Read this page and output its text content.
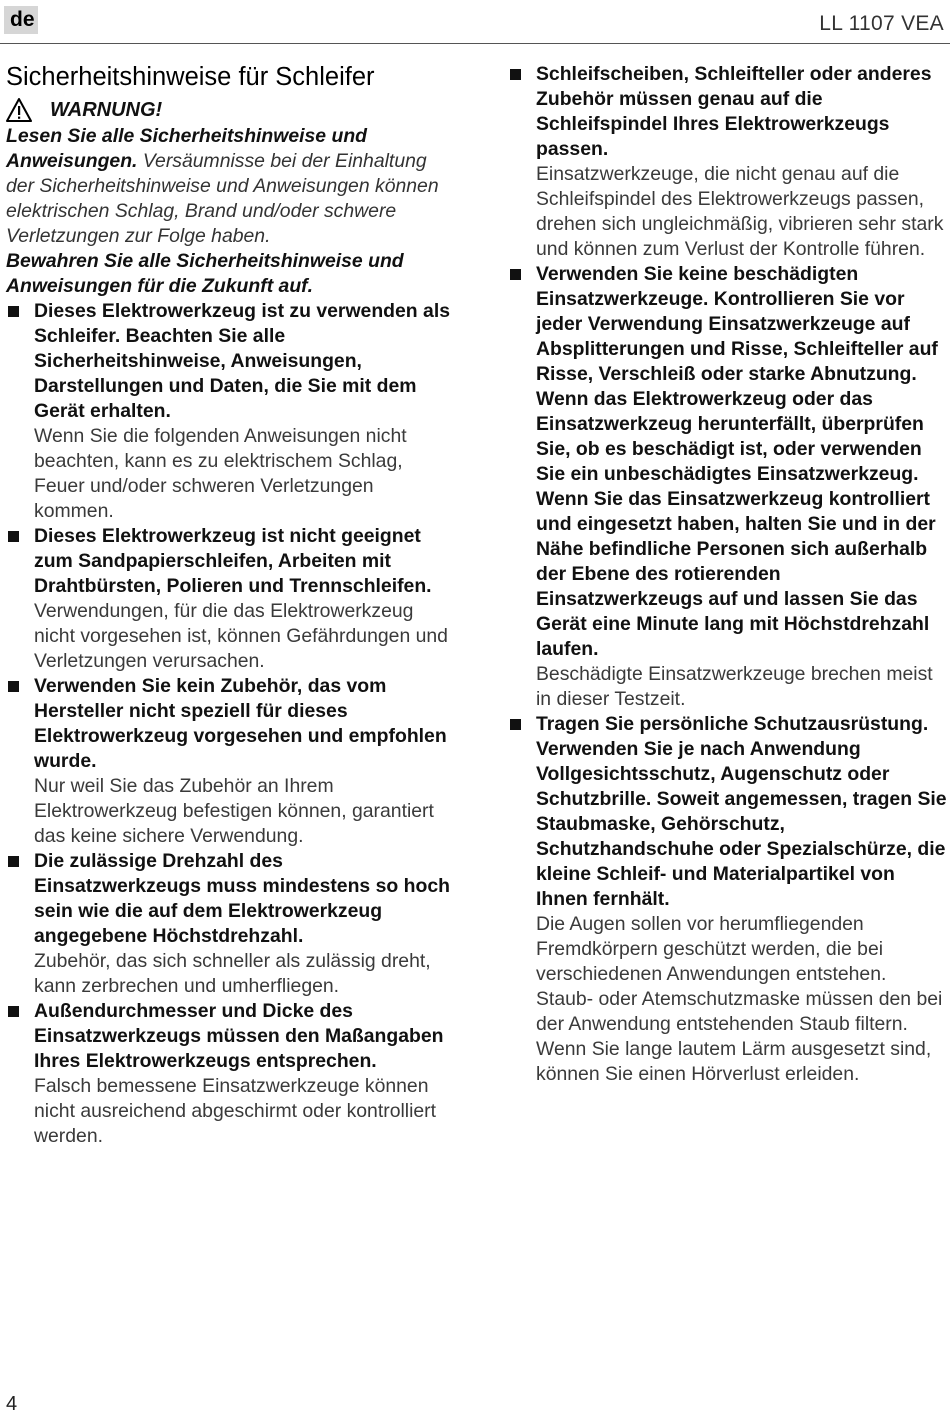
de	LL 1107 VEA
Sicherheitshinweise für Schleifer
WARNUNG!

Lesen Sie alle Sicherheitshinweise und Anweisungen. Versäumnisse bei der Einhaltung der Sicherheitshinweise und Anweisungen können elektrischen Schlag, Brand und/oder schwere Verletzungen zur Folge haben.

Bewahren Sie alle Sicherheitshinweise und Anweisungen für die Zukunft auf.

Dieses Elektrowerkzeug ist zu verwenden als Schleifer. Beachten Sie alle Sicherheitshinweise, Anweisungen, Darstellungen und Daten, die Sie mit dem Gerät erhalten.
Wenn Sie die folgenden Anweisungen nicht beachten, kann es zu elektrischem Schlag, Feuer und/oder schweren Verletzungen kommen.
Dieses Elektrowerkzeug ist nicht geeignet zum Sandpapierschleifen, Arbeiten mit Drahtbürsten, Polieren und Trennschleifen.
Verwendungen, für die das Elektrowerkzeug nicht vorgesehen ist, können Gefährdungen und Verletzungen verursachen.
Verwenden Sie kein Zubehör, das vom Hersteller nicht speziell für dieses Elektrowerkzeug vorgesehen und empfohlen wurde.
Nur weil Sie das Zubehör an Ihrem Elektrowerkzeug befestigen können, garantiert das keine sichere Verwendung.
Die zulässige Drehzahl des Einsatzwerkzeugs muss mindestens so hoch sein wie die auf dem Elektrowerkzeug angegebene Höchstdrehzahl.
Zubehör, das sich schneller als zulässig dreht, kann zerbrechen und umherfliegen.
Außendurchmesser und Dicke des Einsatzwerkzeugs müssen den Maßangaben Ihres Elektrowerkzeugs entsprechen.
Falsch bemessene Einsatzwerkzeuge können nicht ausreichend abgeschirmt oder kontrolliert werden.
Schleifscheiben, Schleifteller oder anderes Zubehör müssen genau auf die Schleifspindel Ihres Elektrowerkzeugs passen.
Einsatzwerkzeuge, die nicht genau auf die Schleifspindel des Elektrowerkzeugs passen, drehen sich ungleichmäßig, vibrieren sehr stark und können zum Verlust der Kontrolle führen.
Verwenden Sie keine beschädigten Einsatzwerkzeuge. Kontrollieren Sie vor jeder Verwendung Einsatzwerkzeuge auf Absplitterungen und Risse, Schleifteller auf Risse, Verschleiß oder starke Abnutzung. Wenn das Elektrowerkzeug oder das Einsatzwerkzeug herunterfällt, überprüfen Sie, ob es beschädigt ist, oder verwenden Sie ein unbeschädigtes Einsatzwerkzeug. Wenn Sie das Einsatzwerkzeug kontrolliert und eingesetzt haben, halten Sie und in der Nähe befindliche Personen sich außerhalb der Ebene des rotierenden Einsatzwerkzeugs auf und lassen Sie das Gerät eine Minute lang mit Höchstdrehzahl laufen.
Beschädigte Einsatzwerkzeuge brechen meist in dieser Testzeit.
Tragen Sie persönliche Schutzausrüstung. Verwenden Sie je nach Anwendung Vollgesichtsschutz, Augenschutz oder Schutzbrille. Soweit angemessen, tragen Sie Staubmaske, Gehörschutz, Schutzhandschuhe oder Spezialschürze, die kleine Schleif- und Materialpartikel von Ihnen fernhält.
Die Augen sollen vor herumfliegenden Fremdkörpern geschützt werden, die bei verschiedenen Anwendungen entstehen. Staub- oder Atemschutzmaske müssen den bei der Anwendung entstehenden Staub filtern. Wenn Sie lange lautem Lärm ausgesetzt sind, können Sie einen Hörverlust erleiden.
4
